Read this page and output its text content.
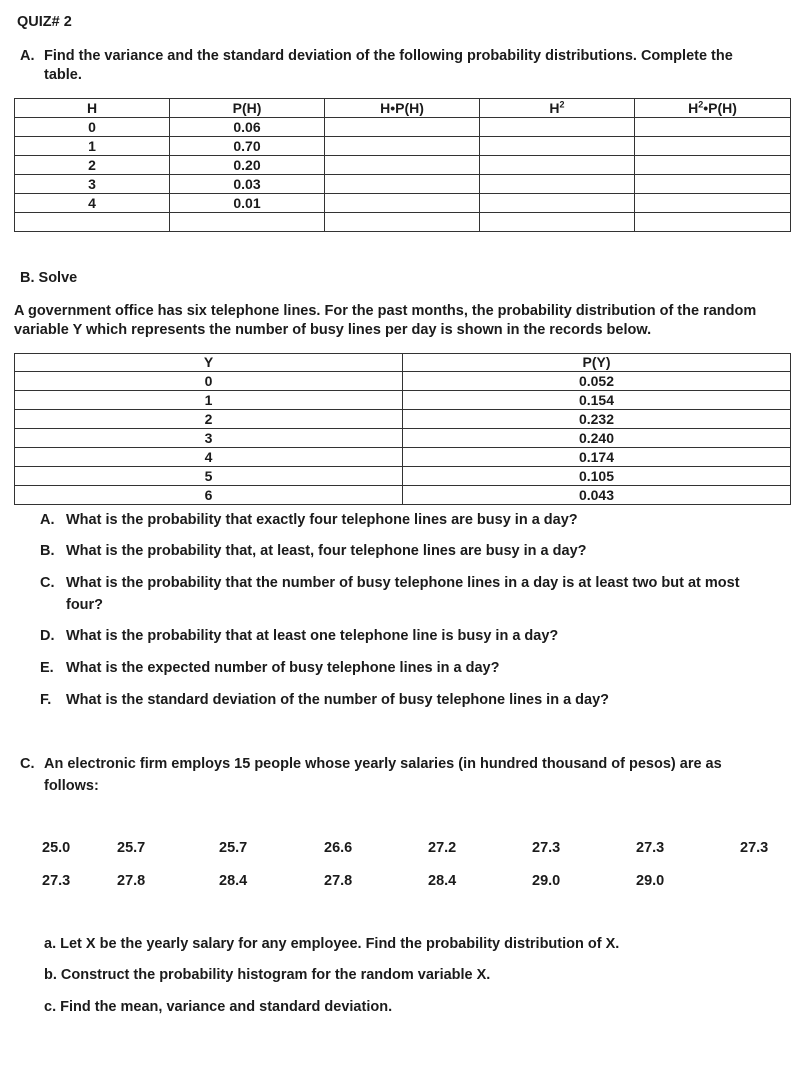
QUIZ# 2
A. Find the variance and the standard deviation of the following probability distributions. Complete the
table.
H	P(H)	H•P(H)	$H^2$	$H^2•P(H)$
0	0.06			
1	0.70			
2	0.20			
3	0.03			
4	0.01			

B. Solve
A government office has six telephone lines. For the past months, the probability distribution of the random
variable Y which represents the number of busy lines per day is shown in the records below.
Y	P(Y)
0	0.052
1	0.154
2	0.232
3	0.240
4	0.174
5	0.105
6	0.043
A. What is the probability that exactly four telephone lines are busy in a day?
B. What is the probability that, at least, four telephone lines are busy in a day?
C. What is the probability that the number of busy telephone lines in a day is at least two but at most
four?
D. What is the probability that at least one telephone line is busy in a day?
E. What is the expected number of busy telephone lines in a day?
F. What is the standard deviation of the number of busy telephone lines in a day?
C. An electronic firm employs 15 people whose yearly salaries (in hundred thousand of pesos) are as
follows:
25.0	25.7	25.7	26.6	27.2	27.3	27.3	27.3
27.3	27.8	28.4	27.8	28.4	29.0	29.0
a. Let X be the yearly salary for any employee. Find the probability distribution of X.
b. Construct the probability histogram for the random variable X.
c. Find the mean, variance and standard deviation.
